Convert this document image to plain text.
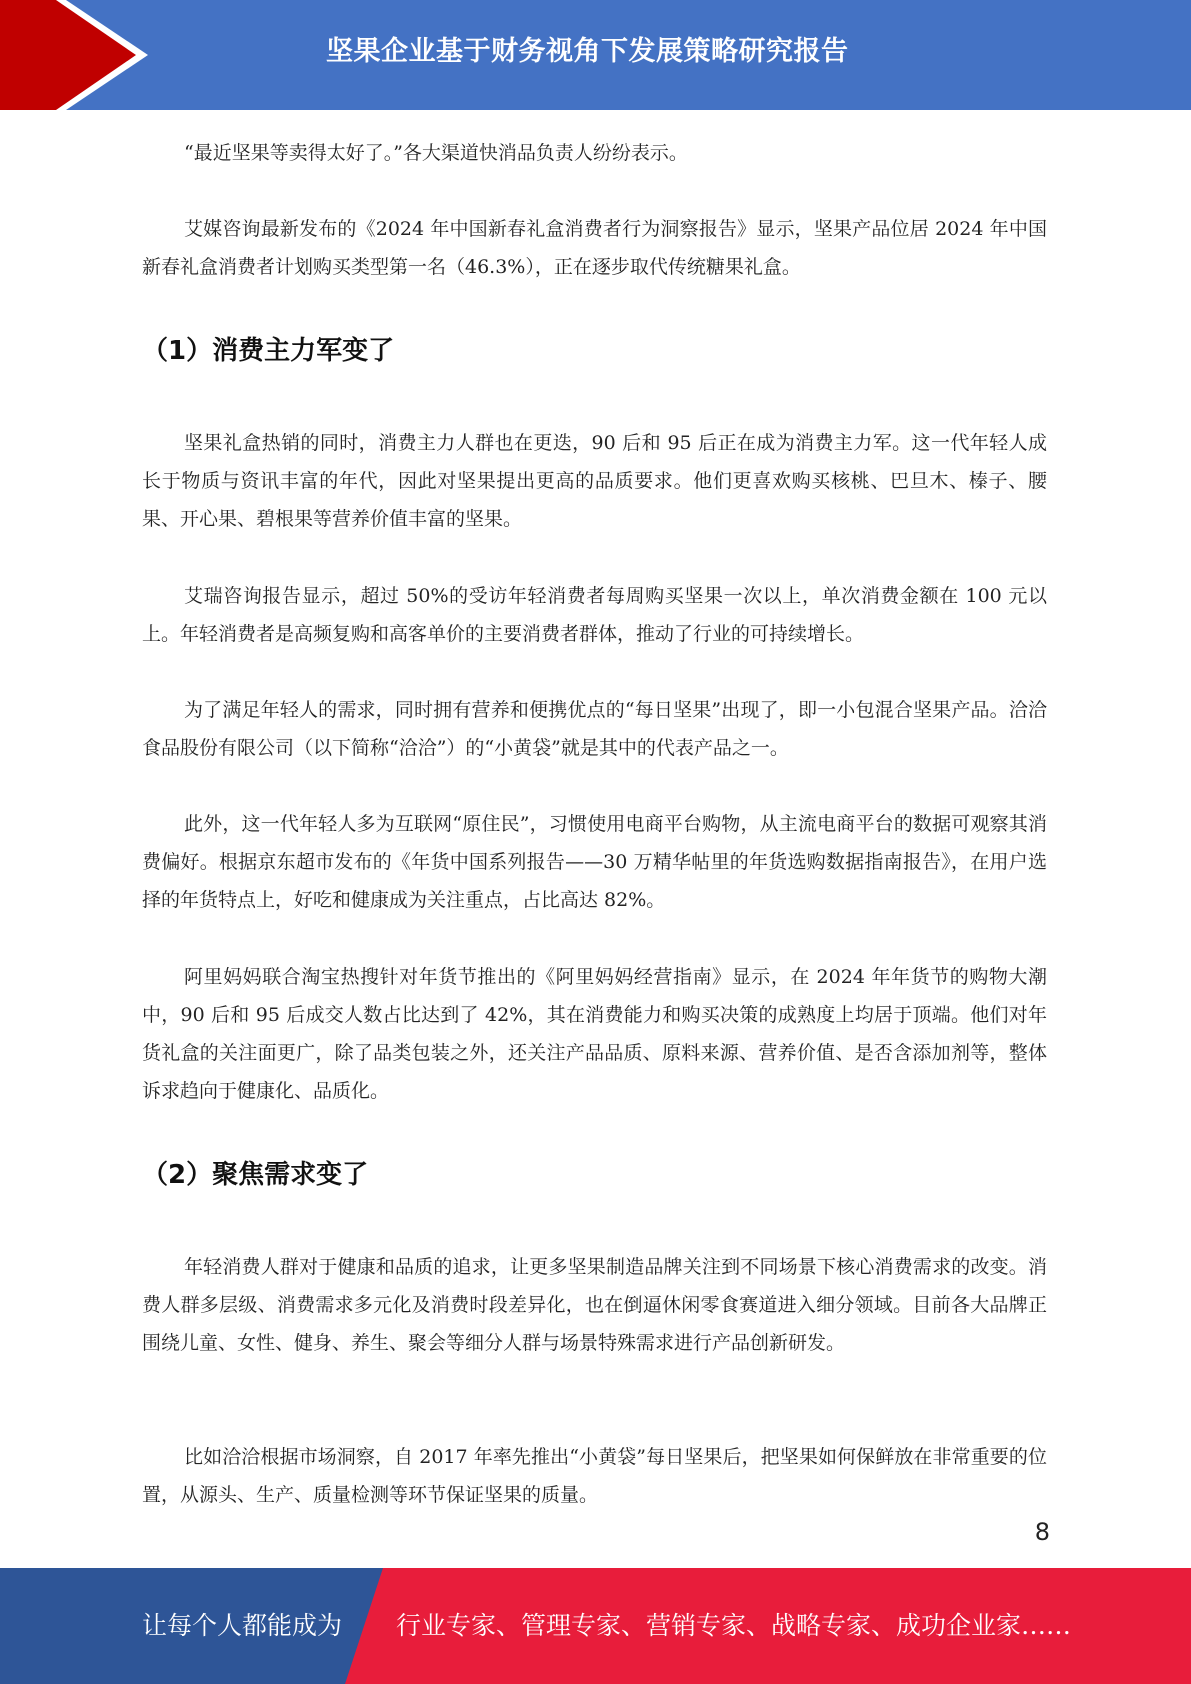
坚果企业基于财务视角下发展策略研究报告

“最近坚果等卖得太好了。”各大渠道快消品负责人纷纷表示。

艾媒咨询最新发布的《2024 年中国新春礼盒消费者行为洞察报告》显示，坚果产品位居 2024 年中国新春礼盒消费者计划购买类型第一名（46.3%），正在逐步取代传统糖果礼盒。

（1）消费主力军变了

坚果礼盒热销的同时，消费主力人群也在更迭，90 后和 95 后正在成为消费主力军。这一代年轻人成长于物质与资讯丰富的年代，因此对坚果提出更高的品质要求。他们更喜欢购买核桃、巴旦木、榛子、腰果、开心果、碧根果等营养价值丰富的坚果。

艾瑞咨询报告显示，超过 50%的受访年轻消费者每周购买坚果一次以上，单次消费金额在 100 元以上。年轻消费者是高频复购和高客单价的主要消费者群体，推动了行业的可持续增长。

为了满足年轻人的需求，同时拥有营养和便携优点的“每日坚果”出现了，即一小包混合坚果产品。洽洽食品股份有限公司（以下简称“洽洽”）的“小黄袋”就是其中的代表产品之一。

此外，这一代年轻人多为互联网“原住民”，习惯使用电商平台购物，从主流电商平台的数据可观察其消费偏好。根据京东超市发布的《年货中国系列报告——30 万精华帖里的年货选购数据指南报告》，在用户选择的年货特点上，好吃和健康成为关注重点，占比高达 82%。

阿里妈妈联合淘宝热搜针对年货节推出的《阿里妈妈经营指南》显示，在 2024 年年货节的购物大潮中，90 后和 95 后成交人数占比达到了 42%，其在消费能力和购买决策的成熟度上均居于顶端。他们对年货礼盒的关注面更广，除了品类包装之外，还关注产品品质、原料来源、营养价值、是否含添加剂等，整体诉求趋向于健康化、品质化。

（2）聚焦需求变了

年轻消费人群对于健康和品质的追求，让更多坚果制造品牌关注到不同场景下核心消费需求的改变。消费人群多层级、消费需求多元化及消费时段差异化，也在倒逼休闲零食赛道进入细分领域。目前各大品牌正围绕儿童、女性、健身、养生、聚会等细分人群与场景特殊需求进行产品创新研发。

比如洽洽根据市场洞察，自 2017 年率先推出“小黄袋”每日坚果后，把坚果如何保鲜放在非常重要的位置，从源头、生产、质量检测等环节保证坚果的质量。

8
让每个人都能成为 行业专家、管理专家、营销专家、战略专家、成功企业家……
